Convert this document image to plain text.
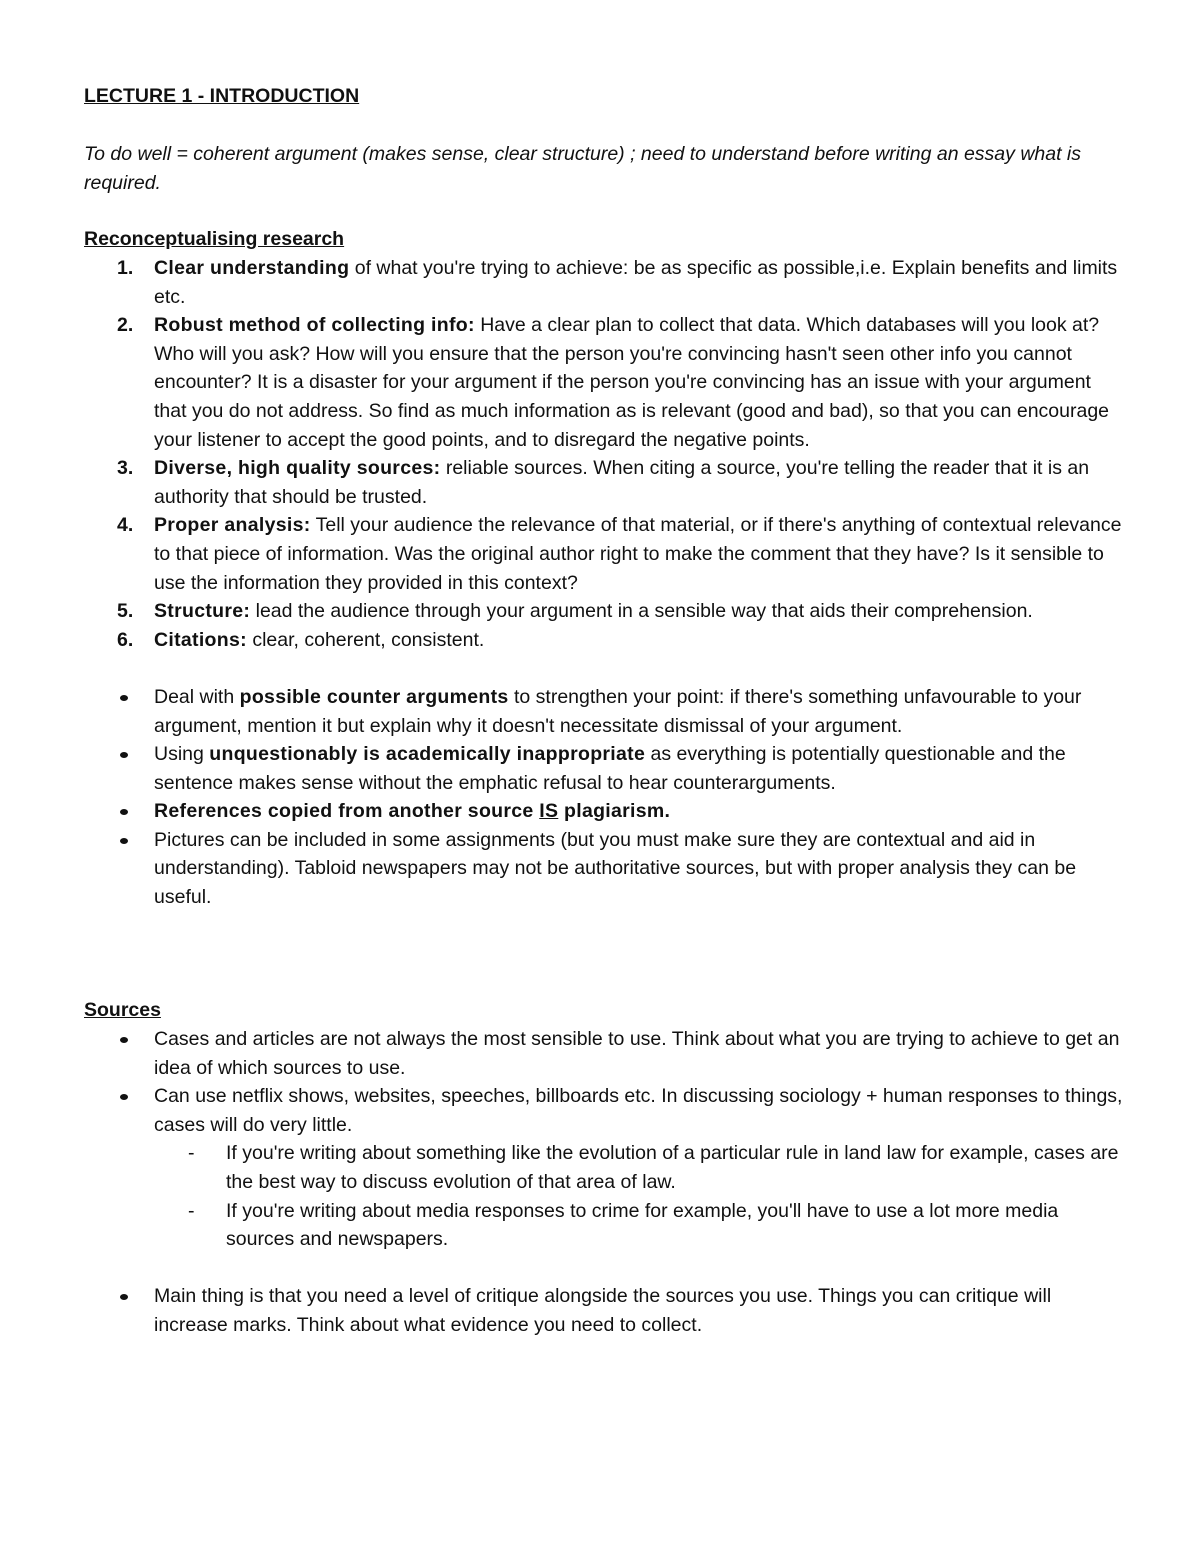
LECTURE 1 - INTRODUCTION
To do well = coherent argument (makes sense, clear structure) ; need to understand before writing an essay what is required.
Reconceptualising research
1. Clear understanding of what you're trying to achieve: be as specific as possible,i.e. Explain benefits and limits etc.
2. Robust method of collecting info: Have a clear plan to collect that data. Which databases will you look at? Who will you ask? How will you ensure that the person you're convincing hasn't seen other info you cannot encounter? It is a disaster for your argument if the person you're convincing has an issue with your argument that you do not address. So find as much information as is relevant (good and bad), so that you can encourage your listener to accept the good points, and to disregard the negative points.
3. Diverse, high quality sources: reliable sources. When citing a source, you're telling the reader that it is an authority that should be trusted.
4. Proper analysis: Tell your audience the relevance of that material, or if there's anything of contextual relevance to that piece of information. Was the original author right to make the comment that they have? Is it sensible to use the information they provided in this context?
5. Structure: lead the audience through your argument in a sensible way that aids their comprehension.
6. Citations: clear, coherent, consistent.
Deal with possible counter arguments to strengthen your point: if there's something unfavourable to your argument, mention it but explain why it doesn't necessitate dismissal of your argument.
Using unquestionably is academically inappropriate as everything is potentially questionable and the sentence makes sense without the emphatic refusal to hear counterarguments.
References copied from another source IS plagiarism.
Pictures can be included in some assignments (but you must make sure they are contextual and aid in understanding). Tabloid newspapers may not be authoritative sources, but with proper analysis they can be useful.
Sources
Cases and articles are not always the most sensible to use. Think about what you are trying to achieve to get an idea of which sources to use.
Can use netflix shows, websites, speeches, billboards etc. In discussing sociology + human responses to things, cases will do very little.
- If you're writing about something like the evolution of a particular rule in land law for example, cases are the best way to discuss evolution of that area of law.
- If you're writing about media responses to crime for example, you'll have to use a lot more media sources and newspapers.
Main thing is that you need a level of critique alongside the sources you use. Things you can critique will increase marks. Think about what evidence you need to collect.
